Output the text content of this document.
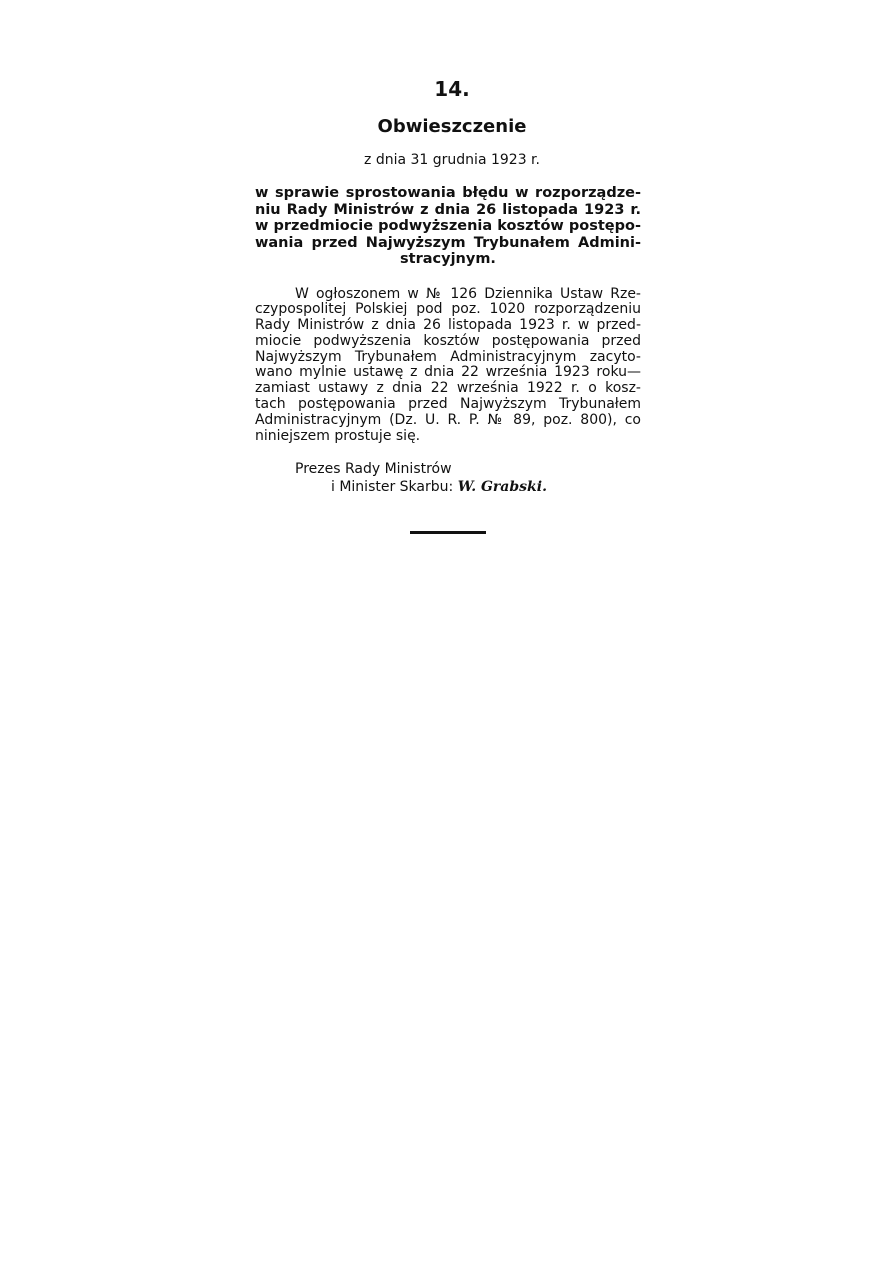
14.
Obwieszczenie
z dnia 31 grudnia 1923 r.
w sprawie sprostowania błędu w rozporządze-
niu Rady Ministrów z dnia 26 listopada 1923 r.
w przedmiocie podwyższenia kosztów postępo-
wania przed Najwyższym Trybunałem Admini-
stracyjnym.
W ogłoszonem w № 126 Dziennika Ustaw Rze-
czypospolitej Polskiej pod poz. 1020 rozporządzeniu
Rady Ministrów z dnia 26 listopada 1923 r. w przed-
miocie podwyższenia kosztów postępowania przed
Najwyższym Trybunałem Administracyjnym zacyto-
wano mylnie ustawę z dnia 22 września 1923 roku—
zamiast ustawy z dnia 22 września 1922 r. o kosz-
tach postępowania przed Najwyższym Trybunałem
Administracyjnym (Dz. U. R. P. № 89, poz. 800), co
niniejszem prostuje się.
Prezes Rady Ministrów
i Minister Skarbu: W. Grabski.
